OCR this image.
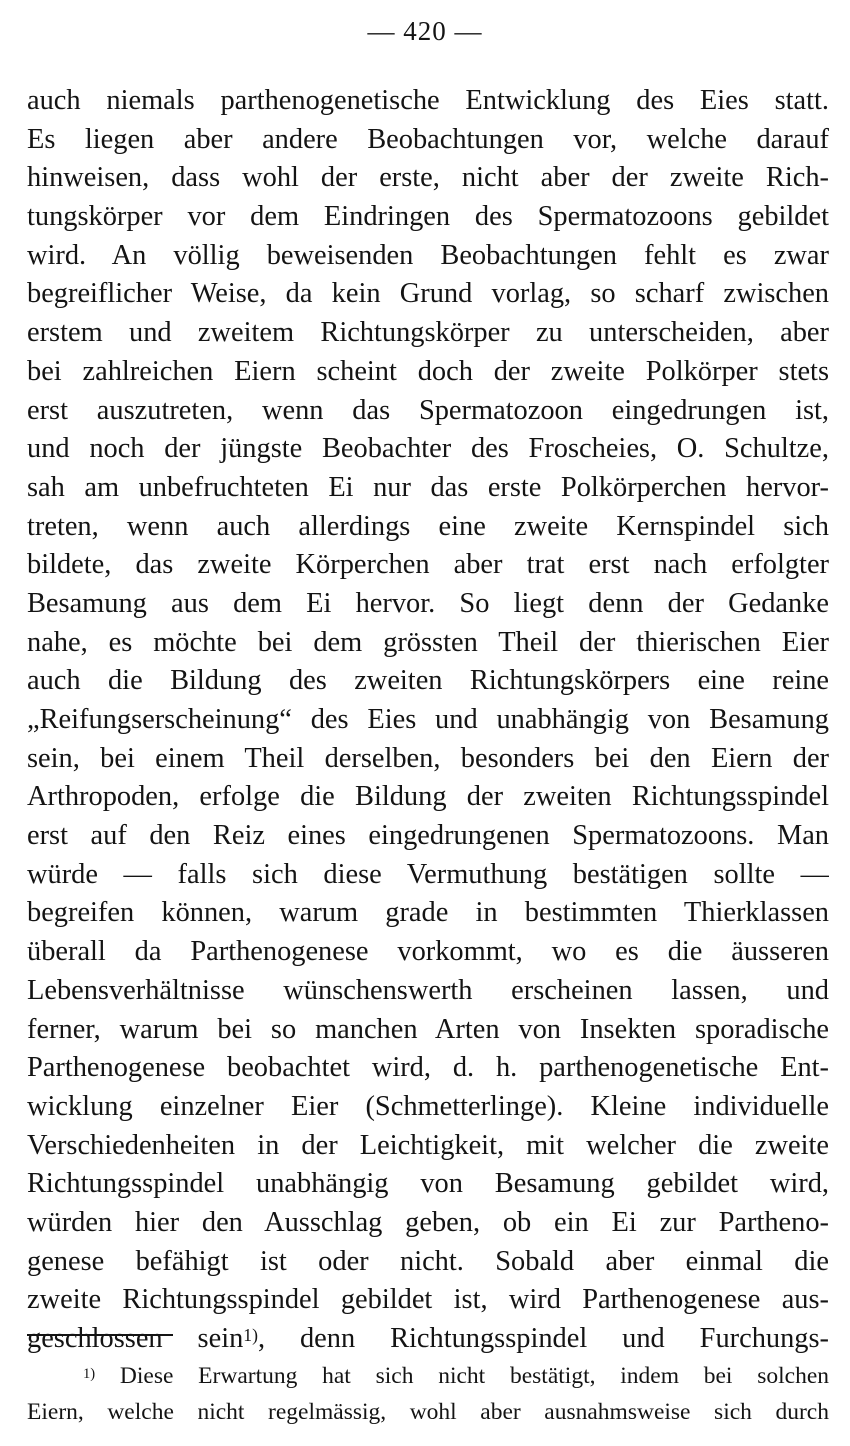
— 420 —
auch niemals parthenogenetische Entwicklung des Eies statt.
Es liegen aber andere Beobachtungen vor, welche darauf
hinweisen, dass wohl der erste, nicht aber der zweite Rich-
tungskörper vor dem Eindringen des Spermatozoons gebildet
wird. An völlig beweisenden Beobachtungen fehlt es zwar
begreiflicher Weise, da kein Grund vorlag, so scharf zwischen
erstem und zweitem Richtungskörper zu unterscheiden, aber
bei zahlreichen Eiern scheint doch der zweite Polkörper stets
erst auszutreten, wenn das Spermatozoon eingedrungen ist,
und noch der jüngste Beobachter des Froscheies, O. Schultze,
sah am unbefruchteten Ei nur das erste Polkörperchen hervor-
treten, wenn auch allerdings eine zweite Kernspindel sich
bildete, das zweite Körperchen aber trat erst nach erfolgter
Besamung aus dem Ei hervor. So liegt denn der Gedanke
nahe, es möchte bei dem grössten Theil der thierischen Eier
auch die Bildung des zweiten Richtungskörpers eine reine
„Reifungserscheinung“ des Eies und unabhängig von Besamung
sein, bei einem Theil derselben, besonders bei den Eiern der
Arthropoden, erfolge die Bildung der zweiten Richtungsspindel
erst auf den Reiz eines eingedrungenen Spermatozoons. Man
würde — falls sich diese Vermuthung bestätigen sollte —
begreifen können, warum grade in bestimmten Thierklassen
überall da Parthenogenese vorkommt, wo es die äusseren
Lebensverhältnisse wünschenswerth erscheinen lassen, und
ferner, warum bei so manchen Arten von Insekten sporadische
Parthenogenese beobachtet wird, d. h. parthenogenetische Ent-
wicklung einzelner Eier (Schmetterlinge). Kleine individuelle
Verschiedenheiten in der Leichtigkeit, mit welcher die zweite
Richtungsspindel unabhängig von Besamung gebildet wird,
würden hier den Ausschlag geben, ob ein Ei zur Partheno-
genese befähigt ist oder nicht. Sobald aber einmal die
zweite Richtungsspindel gebildet ist, wird Parthenogenese aus-
geschlossen sein$^{1)}$, denn Richtungsspindel und Furchungs-
$^{1)}$ Diese Erwartung hat sich nicht bestätigt, indem bei solchen
Eiern, welche nicht regelmässig, wohl aber ausnahmsweise sich durch
